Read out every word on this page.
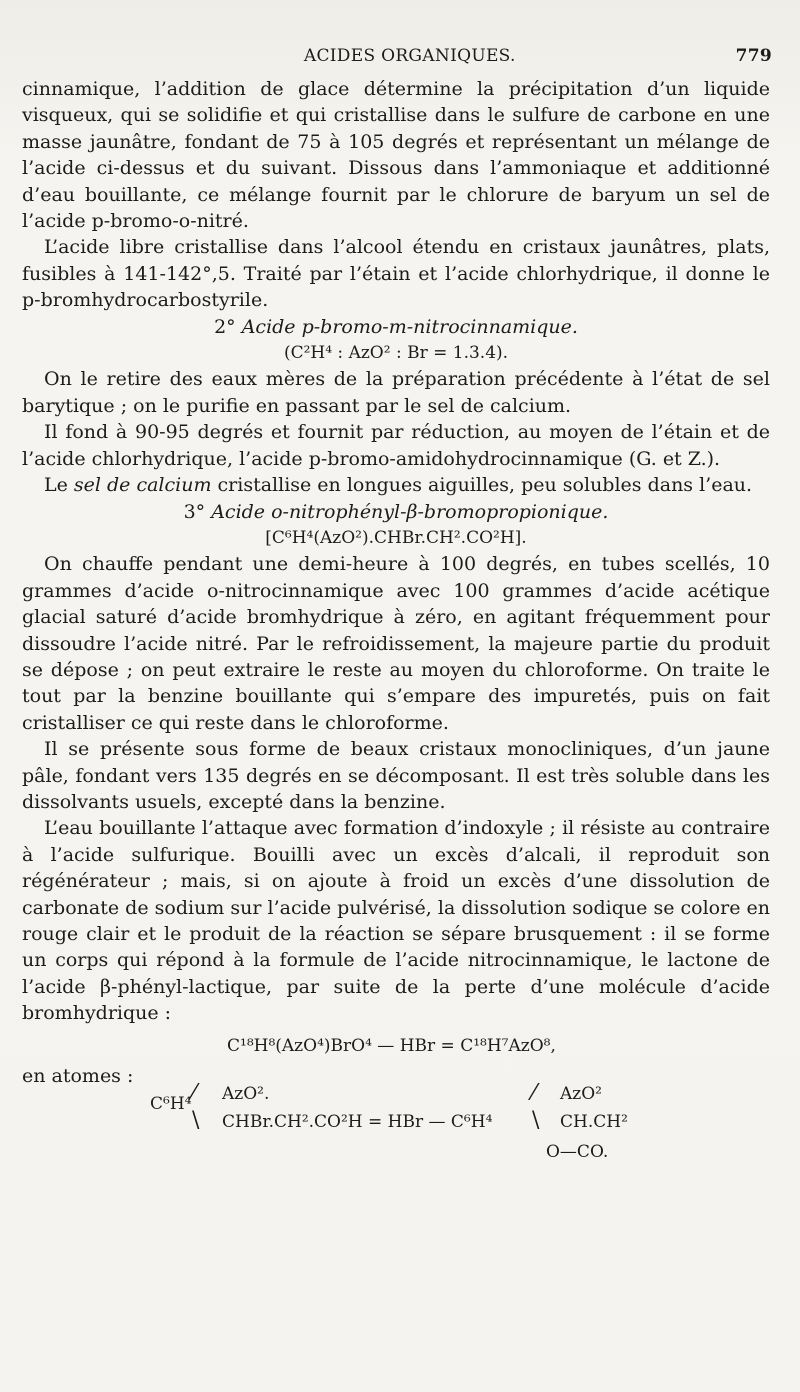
ACIDES ORGANIQUES.	779

cinnamique, l’addition de glace détermine la précipitation d’un liquide visqueux, qui se solidifie et qui cristallise dans le sulfure de carbone en une masse jaunâtre, fondant de 75 à 105 degrés et représentant un mélange de l’acide ci-dessus et du suivant. Dissous dans l’ammoniaque et additionné d’eau bouillante, ce mélange fournit par le chlorure de baryum un sel de l’acide p-bromo-o-nitré.

L’acide libre cristallise dans l’alcool étendu en cristaux jaunâtres, plats, fusibles à 141-142°,5. Traité par l’étain et l’acide chlorhydrique, il donne le p-bromhydrocarbostyrile.

2° Acide p-bromo-m-nitrocinnamique.

(C²H⁴ : AzO² : Br = 1.3.4).

On le retire des eaux mères de la préparation précédente à l’état de sel barytique ; on le purifie en passant par le sel de calcium.

Il fond à 90-95 degrés et fournit par réduction, au moyen de l’étain et de l’acide chlorhydrique, l’acide p-bromo-amidohydrocinnamique (G. et Z.).

Le sel de calcium cristallise en longues aiguilles, peu solubles dans l’eau.

3° Acide o-nitrophényl-β-bromopropionique.

[C⁶H⁴(AzO²).CHBr.CH².CO²H].

On chauffe pendant une demi-heure à 100 degrés, en tubes scellés, 10 grammes d’acide o-nitrocinnamique avec 100 grammes d’acide acétique glacial saturé d’acide bromhydrique à zéro, en agitant fréquemment pour dissoudre l’acide nitré. Par le refroidissement, la majeure partie du produit se dépose ; on peut extraire le reste au moyen du chloroforme. On traite le tout par la benzine bouillante qui s’empare des impuretés, puis on fait cristalliser ce qui reste dans le chloroforme.

Il se présente sous forme de beaux cristaux monocliniques, d’un jaune pâle, fondant vers 135 degrés en se décomposant. Il est très soluble dans les dissolvants usuels, excepté dans la benzine.

L’eau bouillante l’attaque avec formation d’indoxyle ; il résiste au contraire à l’acide sulfurique. Bouilli avec un excès d’alcali, il reproduit son régénérateur ; mais, si on ajoute à froid un excès d’une dissolution de carbonate de sodium sur l’acide pulvérisé, la dissolution sodique se colore en rouge clair et le produit de la réaction se sépare brusquement : il se forme un corps qui répond à la formule de l’acide nitrocinnamique, le lactone de l’acide β-phényl-lactique, par suite de la perte d’une molécule d’acide bromhydrique :

en atomes :
C¹⁸H⁸(AzO⁴)BrO⁴ — HBr = C¹⁸H⁷AzO⁸,
C⁶H⁴ ⁄
\
AzO².
CHBr.CH².CO²H = HBr — C⁶H⁴
⁄
\
AzO²
CH.CH²
O—CO.
